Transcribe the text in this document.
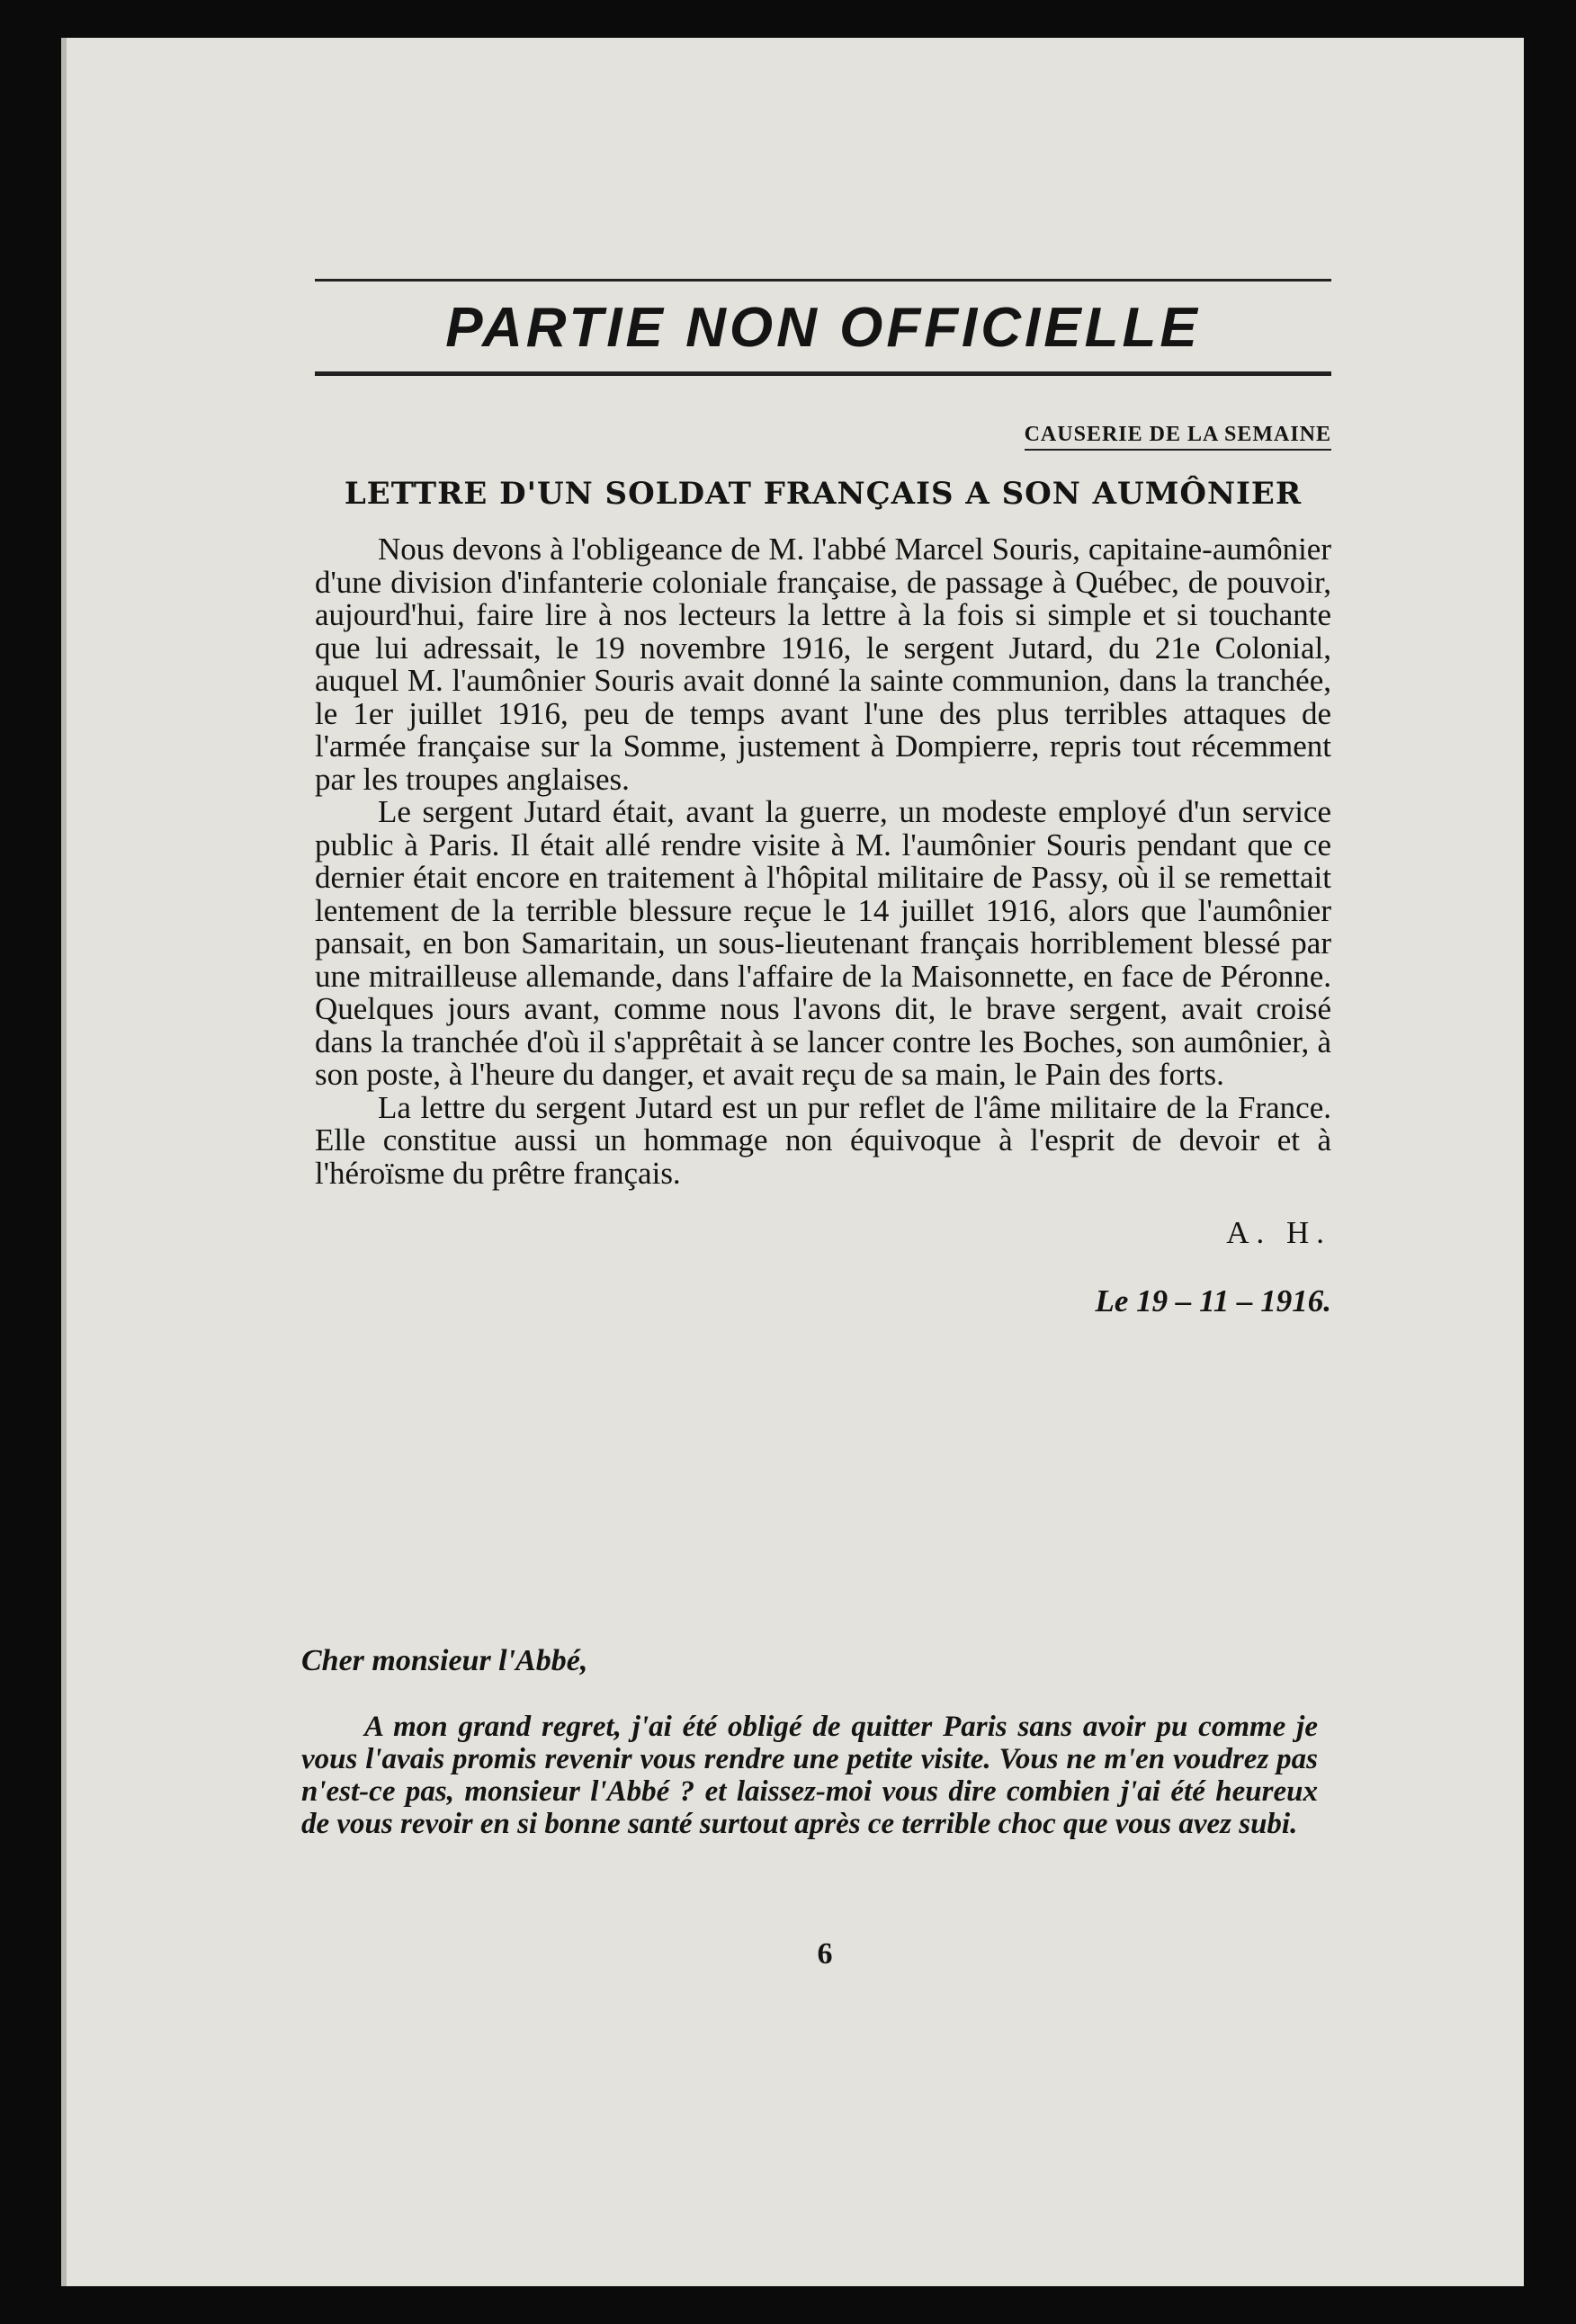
PARTIE NON OFFICIELLE
CAUSERIE DE LA SEMAINE
LETTRE D'UN SOLDAT FRANÇAIS A SON AUMÔNIER

Nous devons à l'obligeance de M. l'abbé Marcel Souris, capitaine-aumônier d'une division d'infanterie coloniale française, de passage à Québec, de pouvoir, aujourd'hui, faire lire à nos lecteurs la lettre à la fois si simple et si touchante que lui adressait, le 19 novembre 1916, le sergent Jutard, du 21e Colonial, auquel M. l'aumônier Souris avait donné la sainte communion, dans la tranchée, le 1er juillet 1916, peu de temps avant l'une des plus terribles attaques de l'armée française sur la Somme, justement à Dompierre, repris tout récemment par les troupes anglaises.

Le sergent Jutard était, avant la guerre, un modeste employé d'un service public à Paris. Il était allé rendre visite à M. l'aumônier Souris pendant que ce dernier était encore en traitement à l'hôpital militaire de Passy, où il se remettait lentement de la terrible blessure reçue le 14 juillet 1916, alors que l'aumônier pansait, en bon Samaritain, un sous-lieutenant français horriblement blessé par une mitrailleuse allemande, dans l'affaire de la Maisonnette, en face de Péronne. Quelques jours avant, comme nous l'avons dit, le brave sergent, avait croisé dans la tranchée d'où il s'apprêtait à se lancer contre les Boches, son aumônier, à son poste, à l'heure du danger, et avait reçu de sa main, le Pain des forts.

La lettre du sergent Jutard est un pur reflet de l'âme militaire de la France. Elle constitue aussi un hommage non équivoque à l'esprit de devoir et à l'héroïsme du prêtre français.

A. H.
Le 19 – 11 – 1916.
Cher monsieur l'Abbé,

A mon grand regret, j'ai été obligé de quitter Paris sans avoir pu comme je vous l'avais promis revenir vous rendre une petite visite. Vous ne m'en voudrez pas n'est-ce pas, monsieur l'Abbé ? et laissez-moi vous dire combien j'ai été heureux de vous revoir en si bonne santé surtout après ce terrible choc que vous avez subi.

6
